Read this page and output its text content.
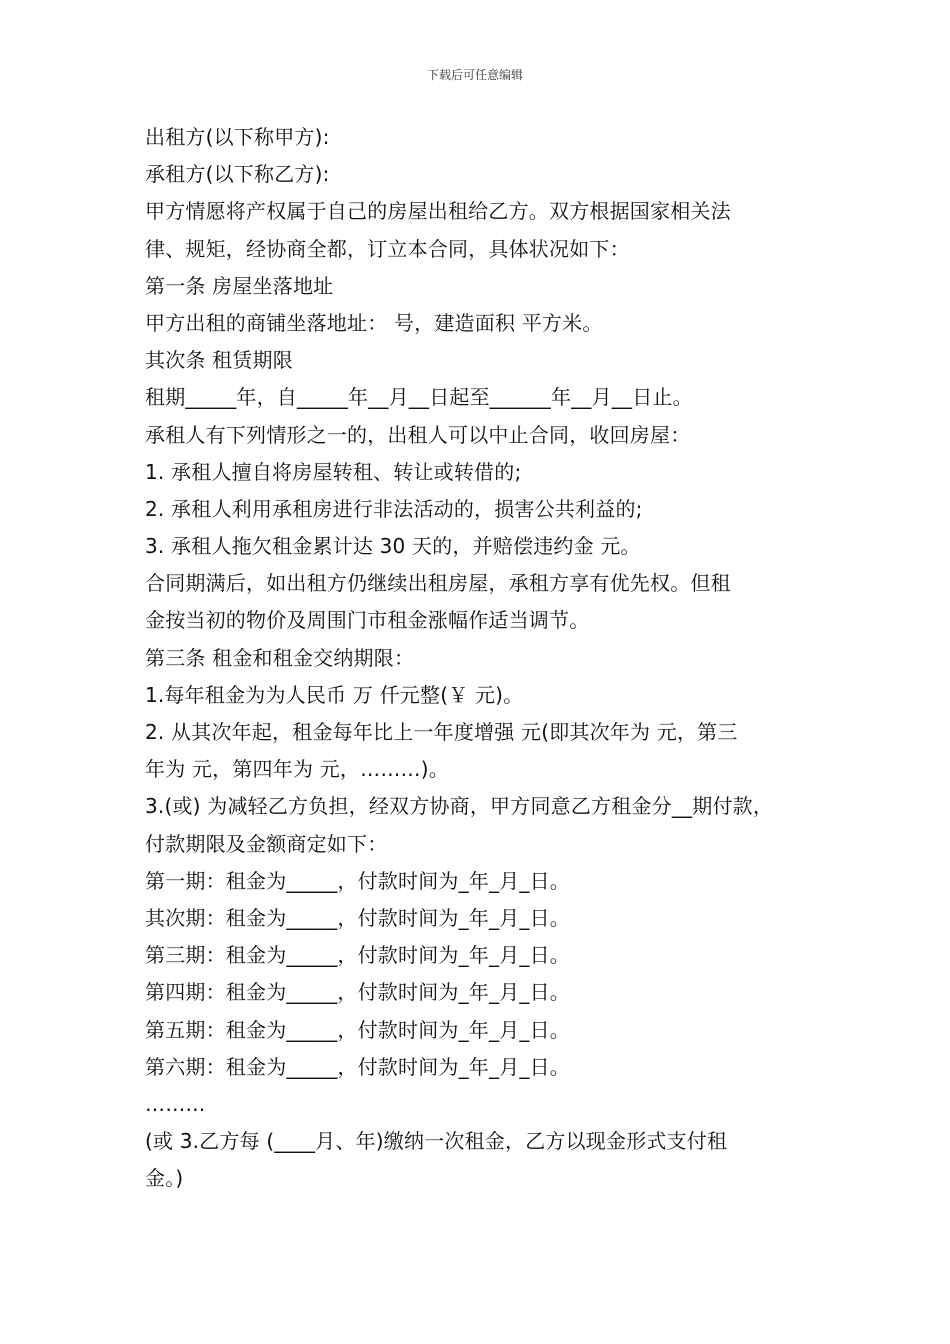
下载后可任意编辑
出租方(以下称甲方):
承租方(以下称乙方):
甲方情愿将产权属于自己的房屋出租给乙方。双方根据国家相关法
律、规矩，经协商全都，订立本合同，具体状况如下：
第一条 房屋坐落地址
甲方出租的商铺坐落地址： 号，建造面积 平方米。
其次条 租赁期限
租期_____年，自_____年__月__日起至______年__月__日止。
承租人有下列情形之一的，出租人可以中止合同，收回房屋：
1. 承租人擅自将房屋转租、转让或转借的;
2. 承租人利用承租房进行非法活动的，损害公共利益的;
3. 承租人拖欠租金累计达 30 天的，并赔偿违约金 元。
合同期满后，如出租方仍继续出租房屋，承租方享有优先权。但租
金按当初的物价及周围门市租金涨幅作适当调节。
第三条 租金和租金交纳期限：
1.每年租金为为人民币 万 仟元整(￥ 元)。
2. 从其次年起，租金每年比上一年度增强 元(即其次年为 元，第三
年为 元，第四年为 元，………)。
3.(或) 为减轻乙方负担，经双方协商，甲方同意乙方租金分__期付款，
付款期限及金额商定如下：
第一期：租金为_____，付款时间为_年_月_日。
其次期：租金为_____，付款时间为_年_月_日。
第三期：租金为_____，付款时间为_年_月_日。
第四期：租金为_____，付款时间为_年_月_日。
第五期：租金为_____，付款时间为_年_月_日。
第六期：租金为_____，付款时间为_年_月_日。
………
(或 3.乙方每 (____月、年)缴纳一次租金，乙方以现金形式支付租
金。)
